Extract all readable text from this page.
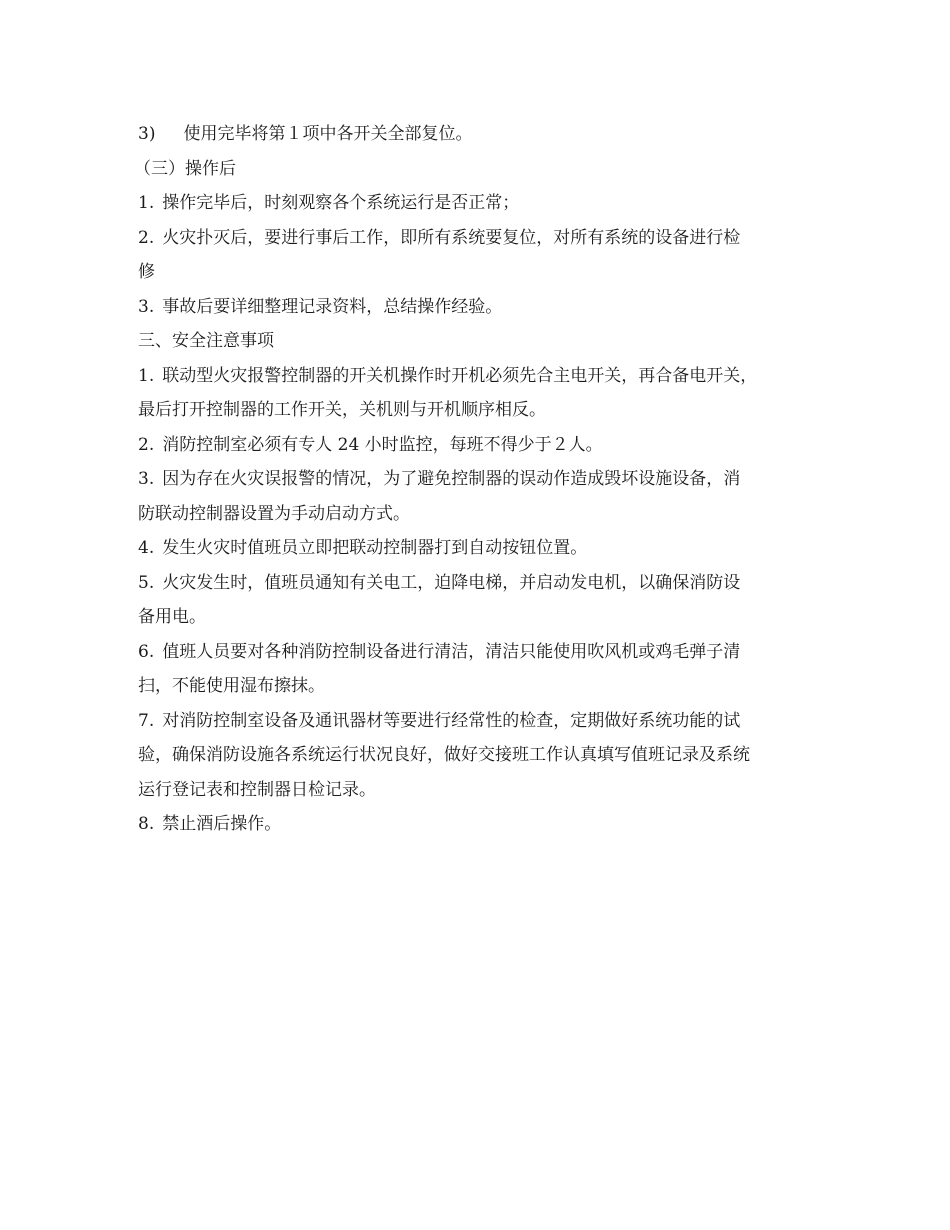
3) 使用完毕将第１项中各开关全部复位。
（三）操作后
1. 操作完毕后，时刻观察各个系统运行是否正常；
2. 火灾扑灭后，要进行事后工作，即所有系统要复位，对所有系统的设备进行检
修
3. 事故后要详细整理记录资料，总结操作经验。
三、安全注意事项
1. 联动型火灾报警控制器的开关机操作时开机必须先合主电开关，再合备电开关，
最后打开控制器的工作开关，关机则与开机顺序相反。
2. 消防控制室必须有专人 24 小时监控，每班不得少于２人。
3. 因为存在火灾误报警的情况，为了避免控制器的误动作造成毁坏设施设备，消
防联动控制器设置为手动启动方式。
4. 发生火灾时值班员立即把联动控制器打到自动按钮位置。
5. 火灾发生时，值班员通知有关电工，迫降电梯，并启动发电机，以确保消防设
备用电。
6. 值班人员要对各种消防控制设备进行清洁，清洁只能使用吹风机或鸡毛弹子清
扫，不能使用湿布擦抹。
7. 对消防控制室设备及通讯器材等要进行经常性的检查，定期做好系统功能的试
验，确保消防设施各系统运行状况良好，做好交接班工作认真填写值班记录及系统
运行登记表和控制器日检记录。
8. 禁止酒后操作。
